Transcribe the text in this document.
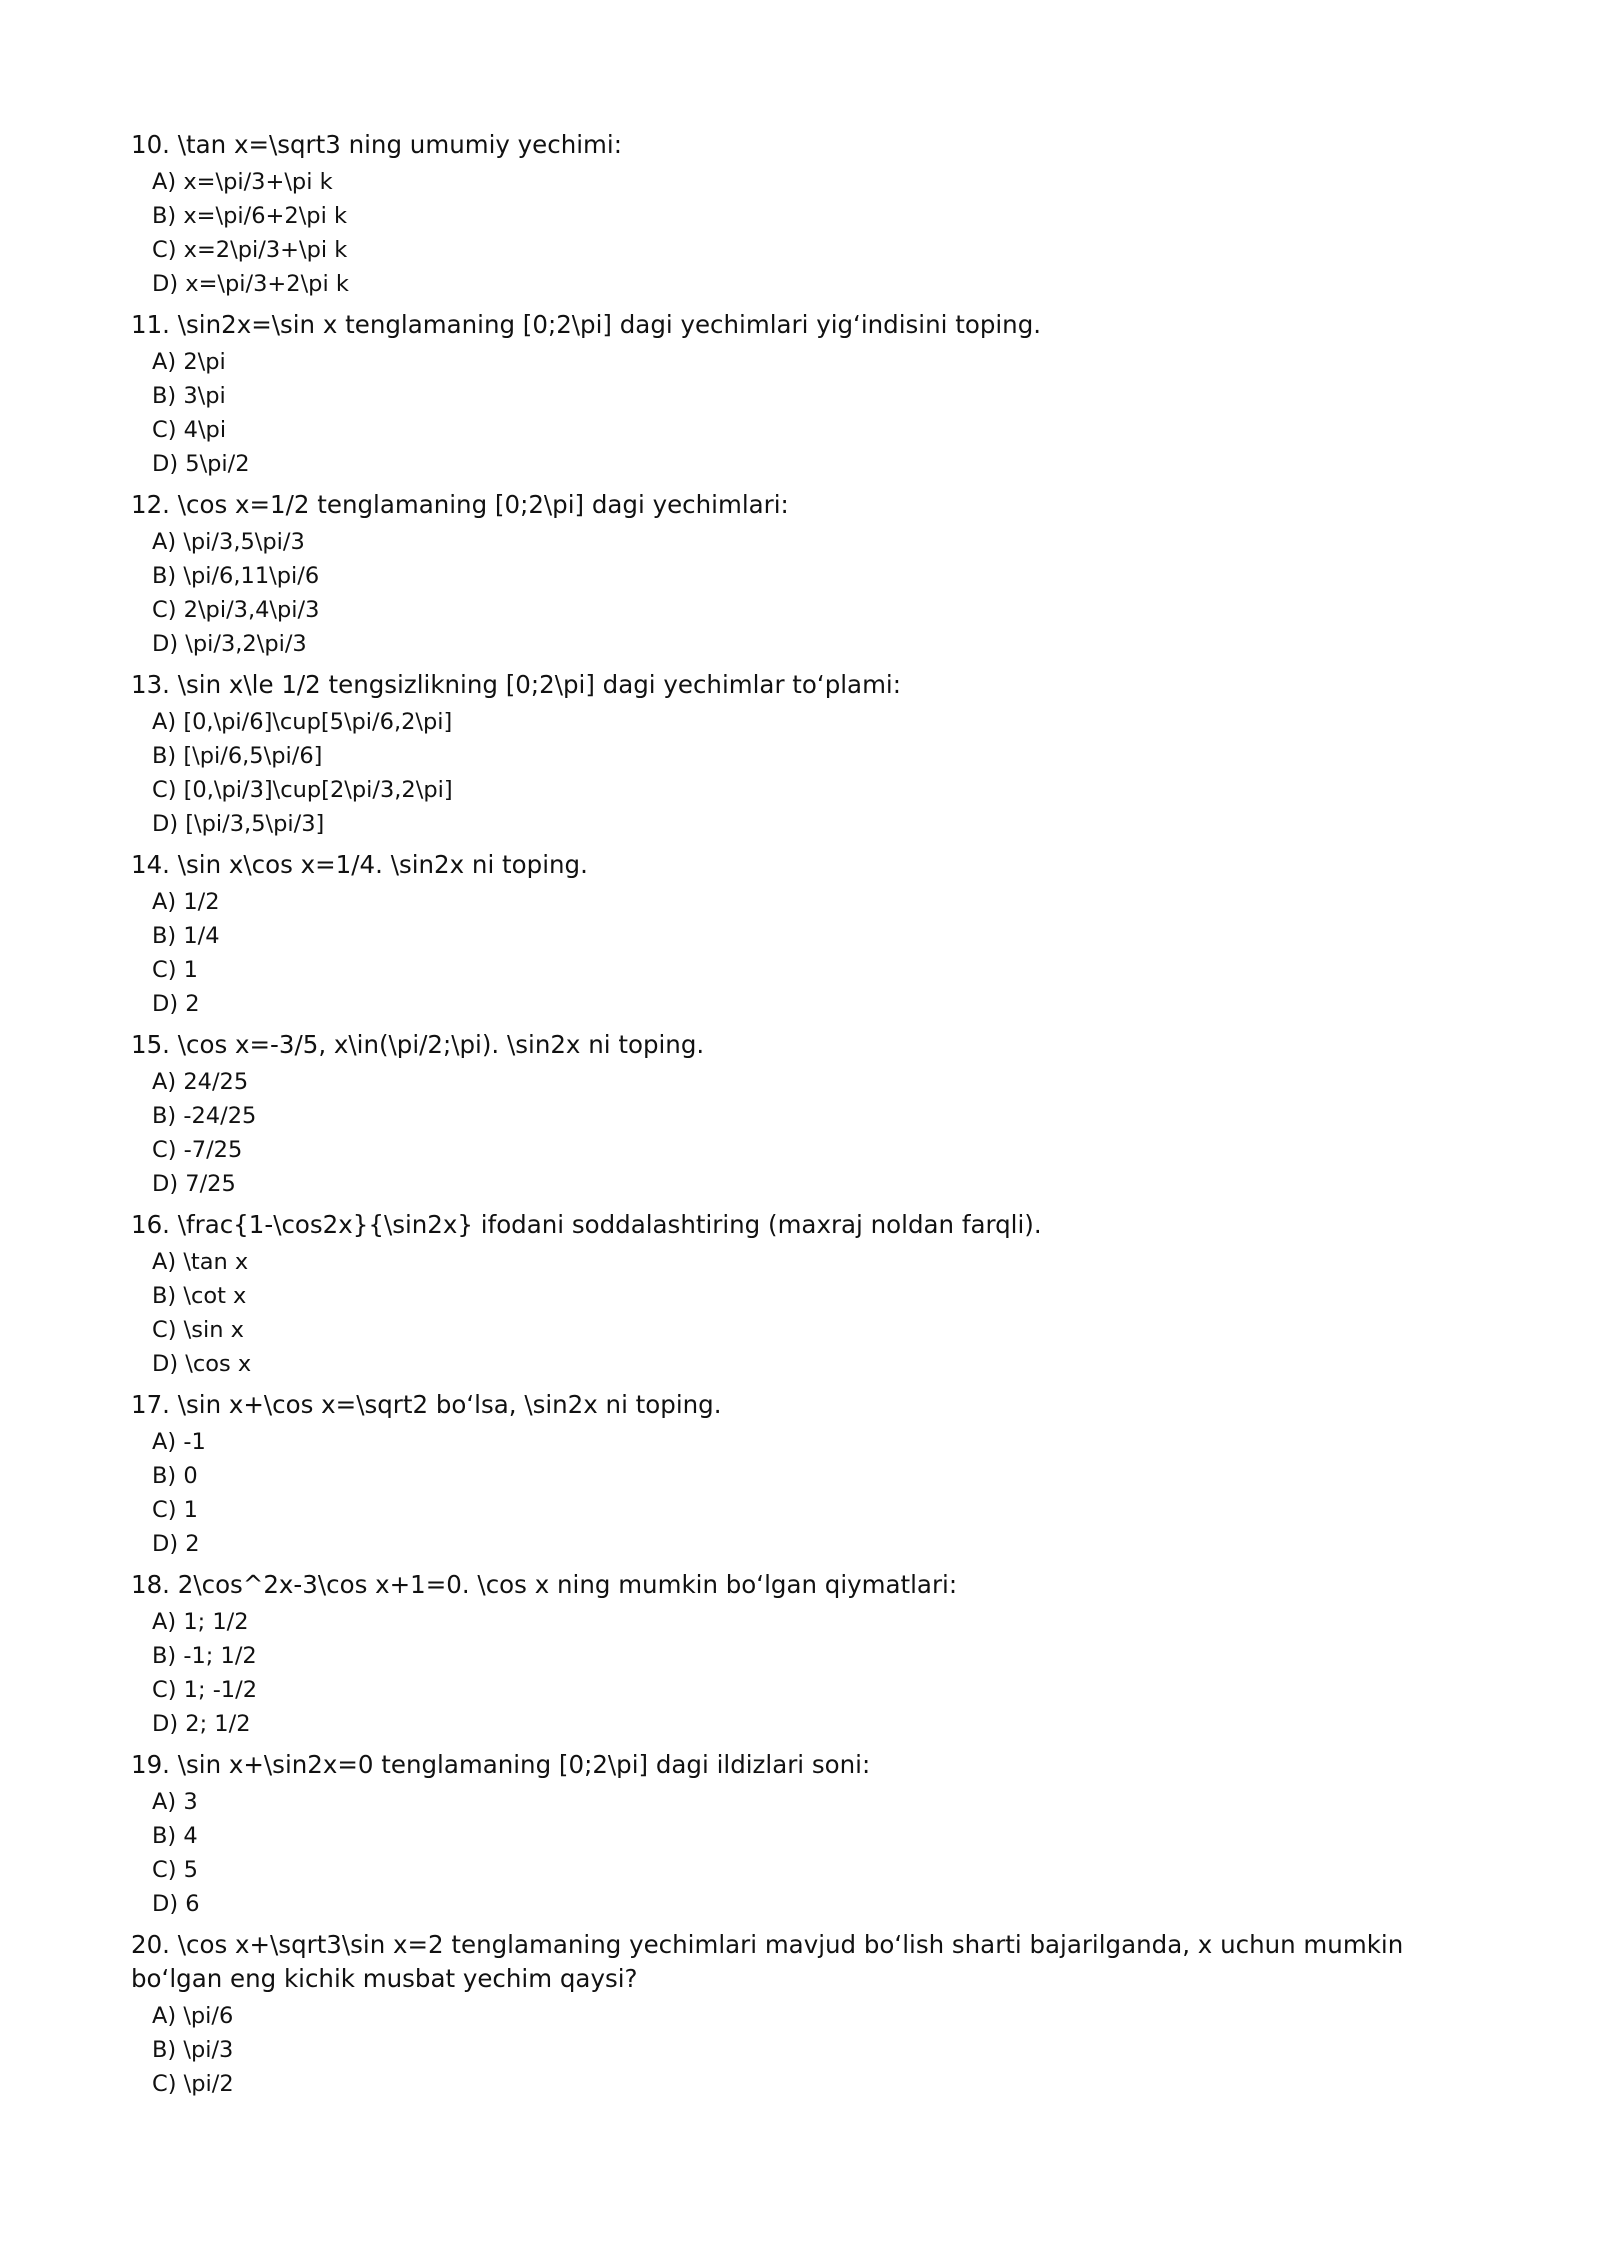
10. \tan x=\sqrt3 ning umumiy yechimi:

A) x=\pi/3+\pi k
B) x=\pi/6+2\pi k
C) x=2\pi/3+\pi k
D) x=\pi/3+2\pi k

11. \sin2x=\sin x tenglamaning [0;2\pi] dagi yechimlari yig‘indisini toping.

A) 2\pi
B) 3\pi
C) 4\pi
D) 5\pi/2

12. \cos x=1/2 tenglamaning [0;2\pi] dagi yechimlari:

A) \pi/3,5\pi/3
B) \pi/6,11\pi/6
C) 2\pi/3,4\pi/3
D) \pi/3,2\pi/3

13. \sin x\le 1/2 tengsizlikning [0;2\pi] dagi yechimlar to‘plami:

A) [0,\pi/6]\cup[5\pi/6,2\pi]
B) [\pi/6,5\pi/6]
C) [0,\pi/3]\cup[2\pi/3,2\pi]
D) [\pi/3,5\pi/3]

14. \sin x\cos x=1/4. \sin2x ni toping.

A) 1/2
B) 1/4
C) 1
D) 2

15. \cos x=-3/5, x\in(\pi/2;\pi). \sin2x ni toping.

A) 24/25
B) -24/25
C) -7/25
D) 7/25

16. \frac{1-\cos2x}{\sin2x} ifodani soddalashtiring (maxraj noldan farqli).

A) \tan x
B) \cot x
C) \sin x
D) \cos x

17. \sin x+\cos x=\sqrt2 bo‘lsa, \sin2x ni toping.

A) -1
B) 0
C) 1
D) 2

18. 2\cos^2x-3\cos x+1=0. \cos x ning mumkin bo‘lgan qiymatlari:

A) 1; 1/2
B) -1; 1/2
C) 1; -1/2
D) 2; 1/2

19. \sin x+\sin2x=0 tenglamaning [0;2\pi] dagi ildizlari soni:

A) 3
B) 4
C) 5
D) 6

20. \cos x+\sqrt3\sin x=2 tenglamaning yechimlari mavjud bo‘lish sharti bajarilganda, x uchun mumkin bo‘lgan eng kichik musbat yechim qaysi?

A) \pi/6
B) \pi/3
C) \pi/2
